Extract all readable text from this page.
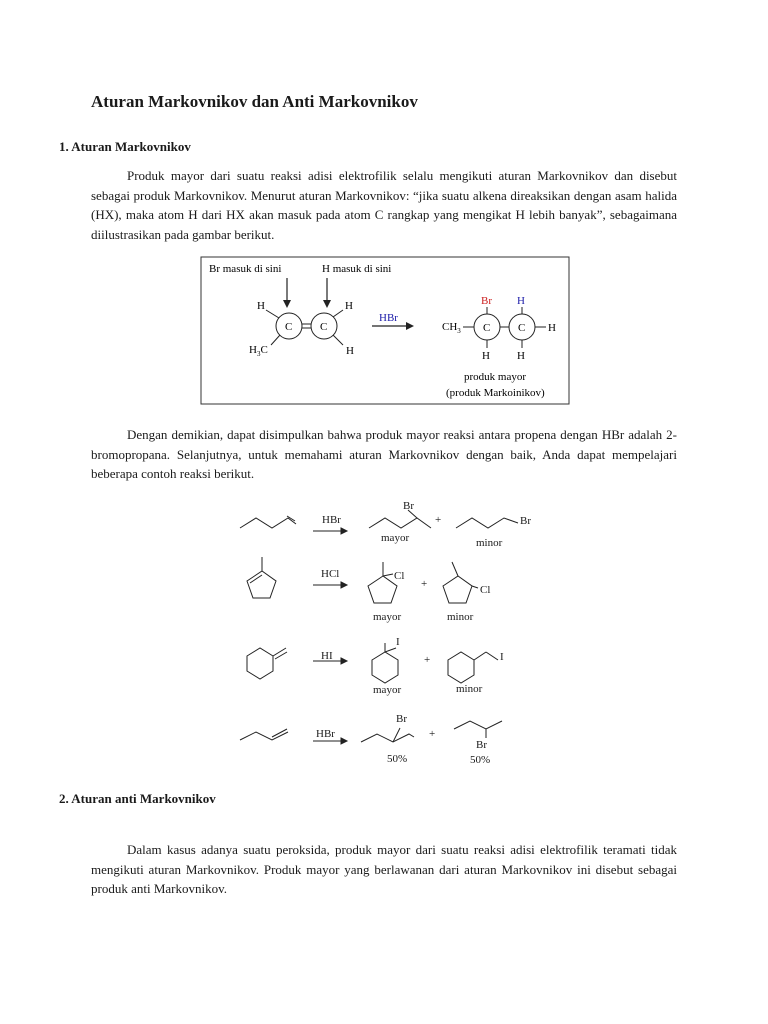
Aturan Markovnikov dan Anti Markovnikov
1. Aturan Markovnikov
Produk mayor dari suatu reaksi adisi elektrofilik selalu mengikuti aturan Markovnikov dan disebut sebagai produk Markovnikov. Menurut aturan Markovnikov: “jika suatu alkena direaksikan dengan asam halida (HX), maka atom H dari HX akan masuk pada atom C rangkap yang mengikat H lebih banyak”, sebagaimana diilustrasikan pada gambar berikut.
Br masuk di sini	H masuk di sini
C	C
H
$H_3C$
H
H
HBr
$CH_3$ C	C H
Br H
H H
produk mayor
(produk Markoinikov)
Dengan demikian, dapat disimpulkan bahwa produk mayor reaksi antara propena dengan HBr adalah 2-bromopropana. Selanjutnya, untuk memahami aturan Markovnikov dengan baik, Anda dapat mempelajari beberapa contoh reaksi berikut.
HBr
Br
+	Br
mayor	minor
HCl	Cl
+	Cl
mayor	minor
HI
I
+	I
mayor	minor
HBr
Br
+
Br
50%	50%
2. Aturan anti Markovnikov
Dalam kasus adanya suatu peroksida, produk mayor dari suatu reaksi adisi elektrofilik teramati tidak mengikuti aturan Markovnikov. Produk mayor yang berlawanan dari aturan Markovnikov ini disebut sebagai produk anti Markovnikov.
